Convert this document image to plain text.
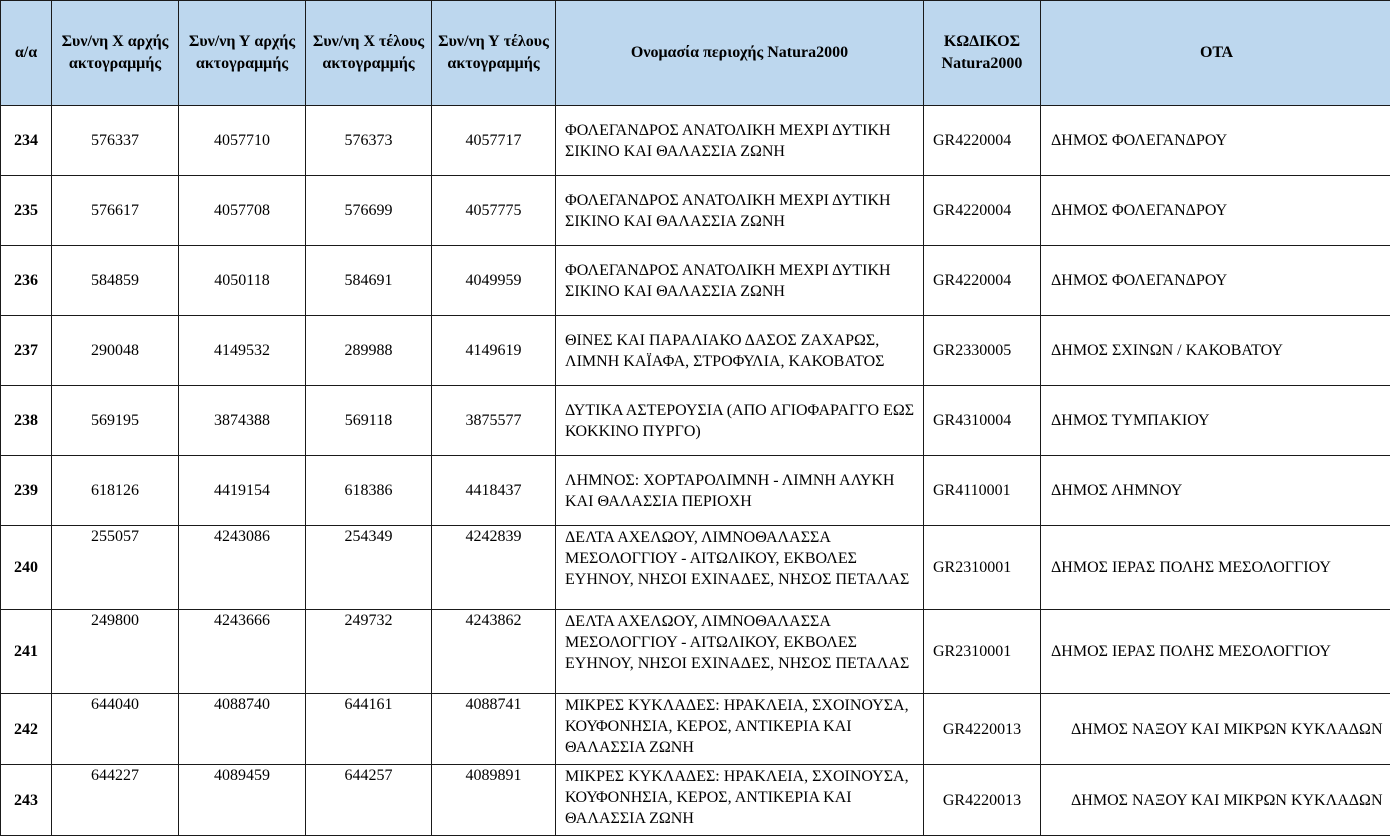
α/α	Συν/νη Χ αρχής ακτογραμμής	Συν/νη Υ αρχής ακτογραμμής	Συν/νη Χ τέλους ακτογραμμής	Συν/νη Υ τέλους ακτογραμμής	Ονομασία περιοχής Natura2000	ΚΩΔΙΚΟΣ Natura2000	ΟΤΑ
234	576337	4057710	576373	4057717	ΦΟΛΕΓΑΝΔΡΟΣ ΑΝΑΤΟΛΙΚΗ ΜΕΧΡΙ ΔΥΤΙΚΗ ΣΙΚΙΝΟ ΚΑΙ ΘΑΛΑΣΣΙΑ ΖΩΝΗ	GR4220004	ΔΗΜΟΣ ΦΟΛΕΓΑΝΔΡΟΥ
235	576617	4057708	576699	4057775	ΦΟΛΕΓΑΝΔΡΟΣ ΑΝΑΤΟΛΙΚΗ ΜΕΧΡΙ ΔΥΤΙΚΗ ΣΙΚΙΝΟ ΚΑΙ ΘΑΛΑΣΣΙΑ ΖΩΝΗ	GR4220004	ΔΗΜΟΣ ΦΟΛΕΓΑΝΔΡΟΥ
236	584859	4050118	584691	4049959	ΦΟΛΕΓΑΝΔΡΟΣ ΑΝΑΤΟΛΙΚΗ ΜΕΧΡΙ ΔΥΤΙΚΗ ΣΙΚΙΝΟ ΚΑΙ ΘΑΛΑΣΣΙΑ ΖΩΝΗ	GR4220004	ΔΗΜΟΣ ΦΟΛΕΓΑΝΔΡΟΥ
237	290048	4149532	289988	4149619	ΘΙΝΕΣ ΚΑΙ ΠΑΡΑΛΙΑΚΟ ΔΑΣΟΣ ΖΑΧΑΡΩΣ, ΛΙΜΝΗ ΚΑΪΑΦΑ, ΣΤΡΟΦΥΛΙΑ, ΚΑΚΟΒΑΤΟΣ	GR2330005	ΔΗΜΟΣ ΣΧΙΝΩΝ / ΚΑΚΟΒΑΤΟΥ
238	569195	3874388	569118	3875577	ΔΥΤΙΚΑ ΑΣΤΕΡΟΥΣΙΑ (ΑΠΟ ΑΓΙΟΦΑΡΑΓΓΟ ΕΩΣ ΚΟΚΚΙΝΟ ΠΥΡΓΟ)	GR4310004	ΔΗΜΟΣ ΤΥΜΠΑΚΙΟΥ
239	618126	4419154	618386	4418437	ΛΗΜΝΟΣ: ΧΟΡΤΑΡΟΛΙΜΝΗ - ΛΙΜΝΗ ΑΛΥΚΗ ΚΑΙ ΘΑΛΑΣΣΙΑ ΠΕΡΙΟΧΗ	GR4110001	ΔΗΜΟΣ ΛΗΜΝΟΥ
240	255057	4243086	254349	4242839	ΔΕΛΤΑ ΑΧΕΛΩΟΥ, ΛΙΜΝΟΘΑΛΑΣΣΑ ΜΕΣΟΛΟΓΓΙΟΥ - ΑΙΤΩΛΙΚΟΥ, ΕΚΒΟΛΕΣ ΕΥΗΝΟΥ, ΝΗΣΟΙ ΕΧΙΝΑΔΕΣ, ΝΗΣΟΣ ΠΕΤΑΛΑΣ	GR2310001	ΔΗΜΟΣ ΙΕΡΑΣ ΠΟΛΗΣ ΜΕΣΟΛΟΓΓΙΟΥ
241	249800	4243666	249732	4243862	ΔΕΛΤΑ ΑΧΕΛΩΟΥ, ΛΙΜΝΟΘΑΛΑΣΣΑ ΜΕΣΟΛΟΓΓΙΟΥ - ΑΙΤΩΛΙΚΟΥ, ΕΚΒΟΛΕΣ ΕΥΗΝΟΥ, ΝΗΣΟΙ ΕΧΙΝΑΔΕΣ, ΝΗΣΟΣ ΠΕΤΑΛΑΣ	GR2310001	ΔΗΜΟΣ ΙΕΡΑΣ ΠΟΛΗΣ ΜΕΣΟΛΟΓΓΙΟΥ
242	644040	4088740	644161	4088741	ΜΙΚΡΕΣ ΚΥΚΛΑΔΕΣ: ΗΡΑΚΛΕΙΑ, ΣΧΟΙΝΟΥΣΑ, ΚΟΥΦΟΝΗΣΙΑ, ΚΕΡΟΣ, ΑΝΤΙΚΕΡΙΑ ΚΑΙ ΘΑΛΑΣΣΙΑ ΖΩΝΗ	GR4220013	ΔΗΜΟΣ ΝΑΞΟΥ ΚΑΙ ΜΙΚΡΩΝ ΚΥΚΛΑΔΩΝ
243	644227	4089459	644257	4089891	ΜΙΚΡΕΣ ΚΥΚΛΑΔΕΣ: ΗΡΑΚΛΕΙΑ, ΣΧΟΙΝΟΥΣΑ, ΚΟΥΦΟΝΗΣΙΑ, ΚΕΡΟΣ, ΑΝΤΙΚΕΡΙΑ ΚΑΙ ΘΑΛΑΣΣΙΑ ΖΩΝΗ	GR4220013	ΔΗΜΟΣ ΝΑΞΟΥ ΚΑΙ ΜΙΚΡΩΝ ΚΥΚΛΑΔΩΝ
